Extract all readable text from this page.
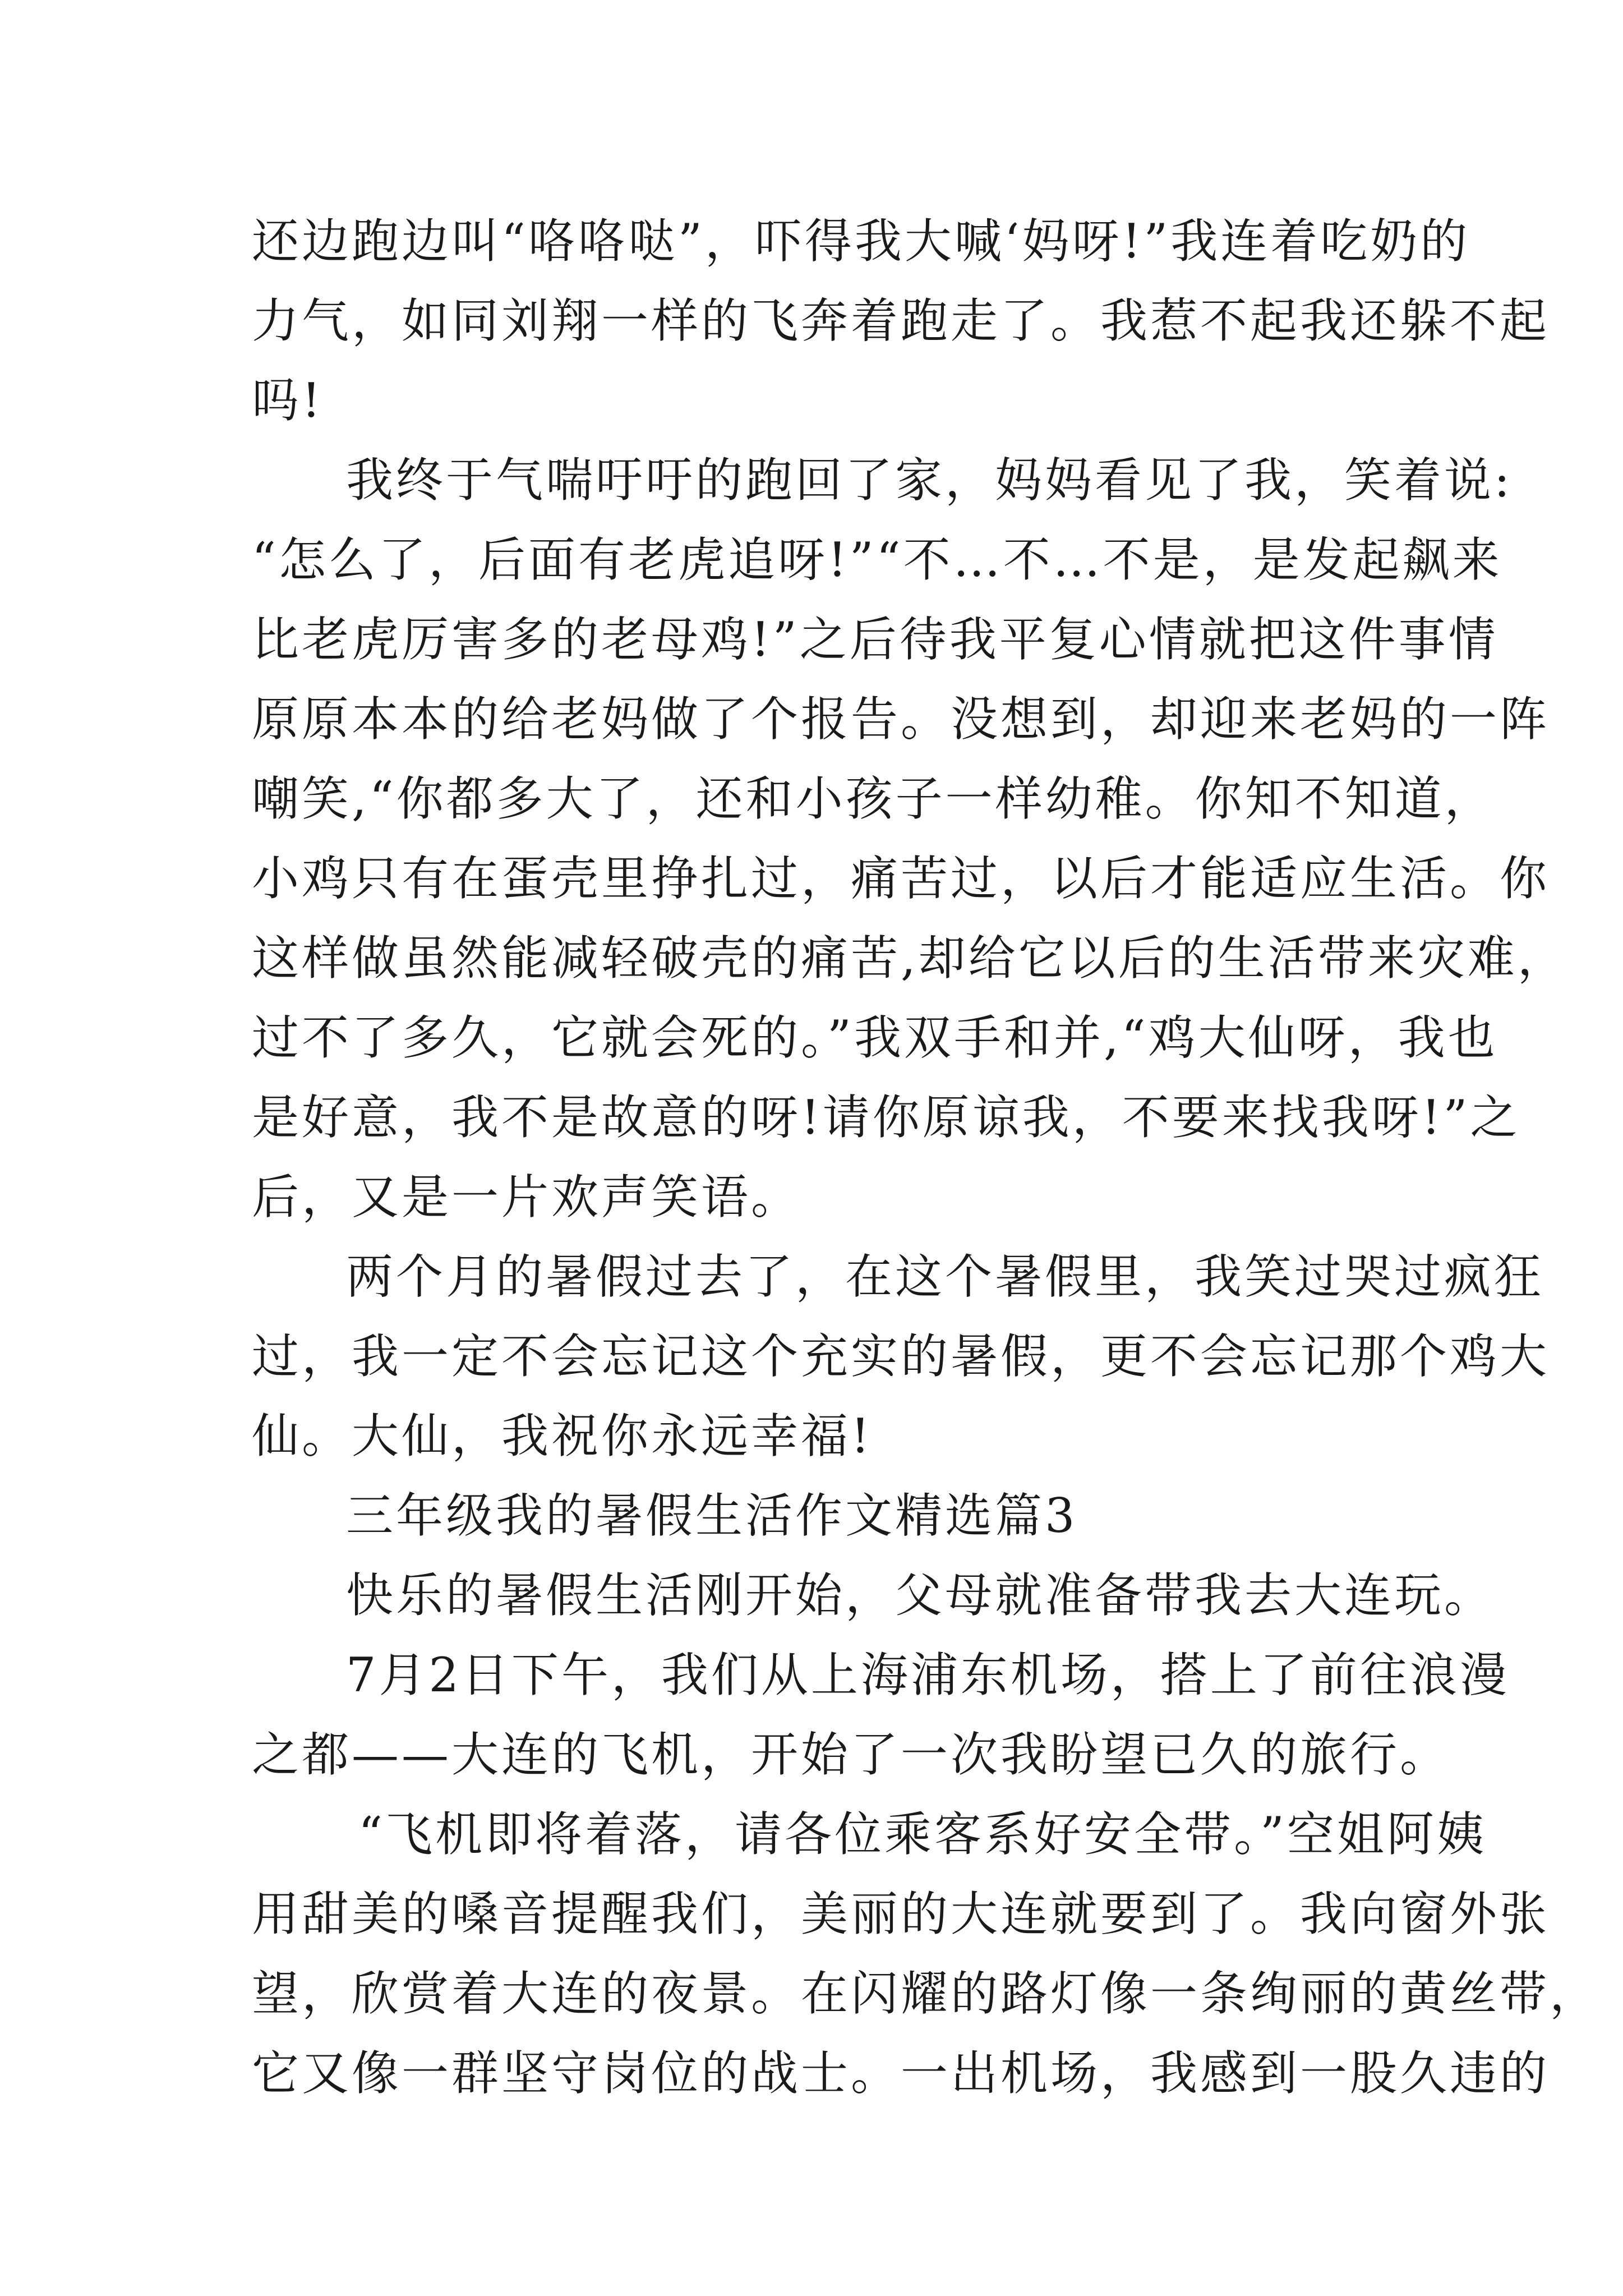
还边跑边叫“咯咯哒”，吓得我大喊‘妈呀!”我连着吃奶的
力气，如同刘翔一样的飞奔着跑走了。我惹不起我还躲不起
吗!
我终于气喘吁吁的跑回了家，妈妈看见了我，笑着说:
“怎么了，后面有老虎追呀!”“不…不…不是，是发起飙来
比老虎厉害多的老母鸡!”之后待我平复心情就把这件事情
原原本本的给老妈做了个报告。没想到，却迎来老妈的一阵
嘲笑,“你都多大了，还和小孩子一样幼稚。你知不知道，
小鸡只有在蛋壳里挣扎过，痛苦过，以后才能适应生活。你
这样做虽然能减轻破壳的痛苦,却给它以后的生活带来灾难，
过不了多久，它就会死的。”我双手和并,“鸡大仙呀，我也
是好意，我不是故意的呀!请你原谅我，不要来找我呀!”之
后，又是一片欢声笑语。
两个月的暑假过去了，在这个暑假里，我笑过哭过疯狂
过，我一定不会忘记这个充实的暑假，更不会忘记那个鸡大
仙。大仙，我祝你永远幸福!
三年级我的暑假生活作文精选篇3
快乐的暑假生活刚开始，父母就准备带我去大连玩。
7月2日下午，我们从上海浦东机场，搭上了前往浪漫
之都——大连的飞机，开始了一次我盼望已久的旅行。
“飞机即将着落，请各位乘客系好安全带。”空姐阿姨
用甜美的嗓音提醒我们，美丽的大连就要到了。我向窗外张
望，欣赏着大连的夜景。在闪耀的路灯像一条绚丽的黄丝带，
它又像一群坚守岗位的战士。一出机场，我感到一股久违的
